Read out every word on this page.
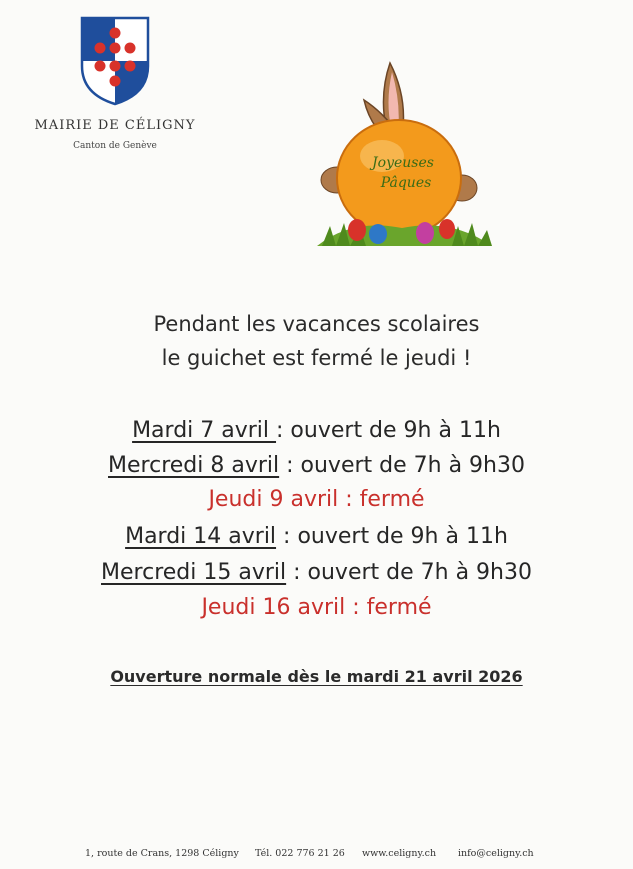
MAIRIE DE CÉLIGNY
Canton de Genève
Joyeuses
Pâques
Pendant les vacances scolaires
le guichet est fermé le jeudi !
Mardi 7 avril : ouvert de 9h à 11h
Mercredi 8 avril : ouvert de 7h à 9h30
Jeudi 9 avril : fermé
Mardi 14 avril : ouvert de 9h à 11h
Mercredi 15 avril : ouvert de 7h à 9h30
Jeudi 16 avril : fermé
Ouverture normale dès le mardi 21 avril 2026
1, route de Crans, 1298 Céligny Tél. 022 776 21 26 www.celigny.ch info@celigny.ch
